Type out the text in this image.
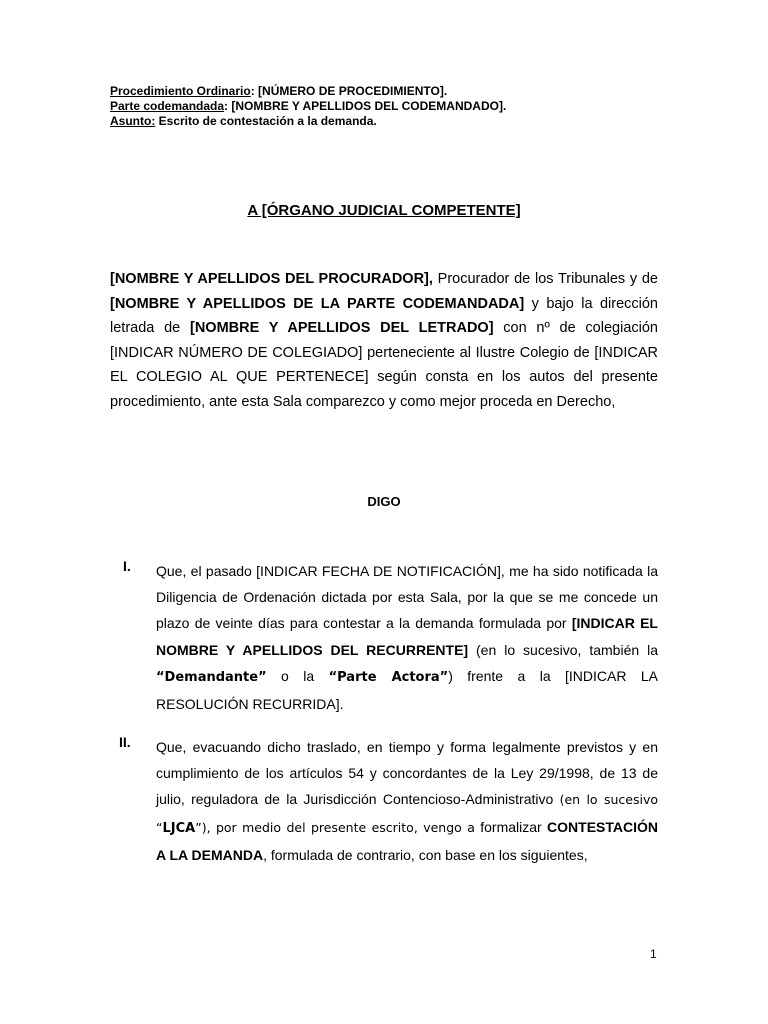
Procedimiento Ordinario: [NÚMERO DE PROCEDIMIENTO].
Parte codemandada: [NOMBRE Y APELLIDOS DEL CODEMANDADO].
Asunto: Escrito de contestación a la demanda.
A [ÓRGANO JUDICIAL COMPETENTE]

[NOMBRE Y APELLIDOS DEL PROCURADOR], Procurador de los Tribunales y de [NOMBRE Y APELLIDOS DE LA PARTE CODEMANDADA] y bajo la dirección letrada de [NOMBRE Y APELLIDOS DEL LETRADO] con nº de colegiación [INDICAR NÚMERO DE COLEGIADO] perteneciente al Ilustre Colegio de [INDICAR EL COLEGIO AL QUE PERTENECE] según consta en los autos del presente procedimiento, ante esta Sala comparezco y como mejor proceda en Derecho,

DIGO
I. Que, el pasado [INDICAR FECHA DE NOTIFICACIÓN], me ha sido notificada la Diligencia de Ordenación dictada por esta Sala, por la que se me concede un plazo de veinte días para contestar a la demanda formulada por [INDICAR EL NOMBRE Y APELLIDOS DEL RECURRENTE] (en lo sucesivo, también la “Demandante” o la “Parte Actora”) frente a la [INDICAR LA RESOLUCIÓN RECURRIDA].
II. Que, evacuando dicho traslado, en tiempo y forma legalmente previstos y en cumplimiento de los artículos 54 y concordantes de la Ley 29/1998, de 13 de julio, reguladora de la Jurisdicción Contencioso-Administrativo (en lo sucesivo “LJCA”), por medio del presente escrito, vengo a formalizar CONTESTACIÓN A LA DEMANDA, formulada de contrario, con base en los siguientes,
1
